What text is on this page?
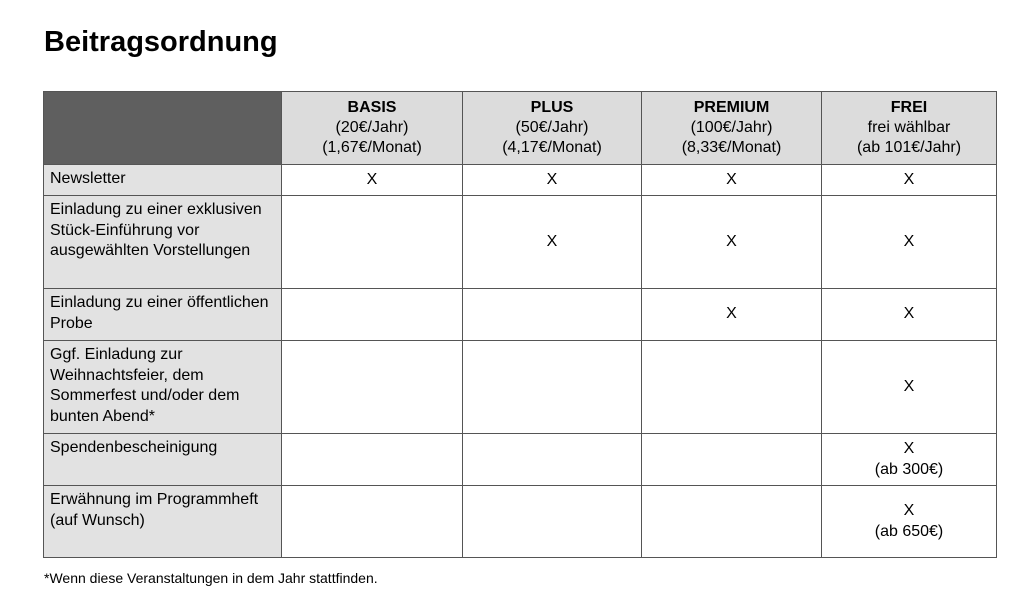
Beitragsordnung

	BASIS
(20€/Jahr)
(1,67€/Monat)	PLUS
(50€/Jahr)
(4,17€/Monat)	PREMIUM
(100€/Jahr)
(8,33€/Monat)	FREI
frei wählbar
(ab 101€/Jahr)

Newsletter	X	X	X	X

Einladung zu einer exklusiven Stück-Einführung vor ausgewählten Vorstellungen		X	X	X

Einladung zu einer öffentlichen Probe			X	X

Ggf. Einladung zur Weihnachtsfeier, dem Sommerfest und/oder dem bunten Abend*				X

Spendenbescheinigung				X
(ab 300€)

Erwähnung im Programmheft (auf Wunsch)				X
(ab 650€)

*Wenn diese Veranstaltungen in dem Jahr stattfinden.
